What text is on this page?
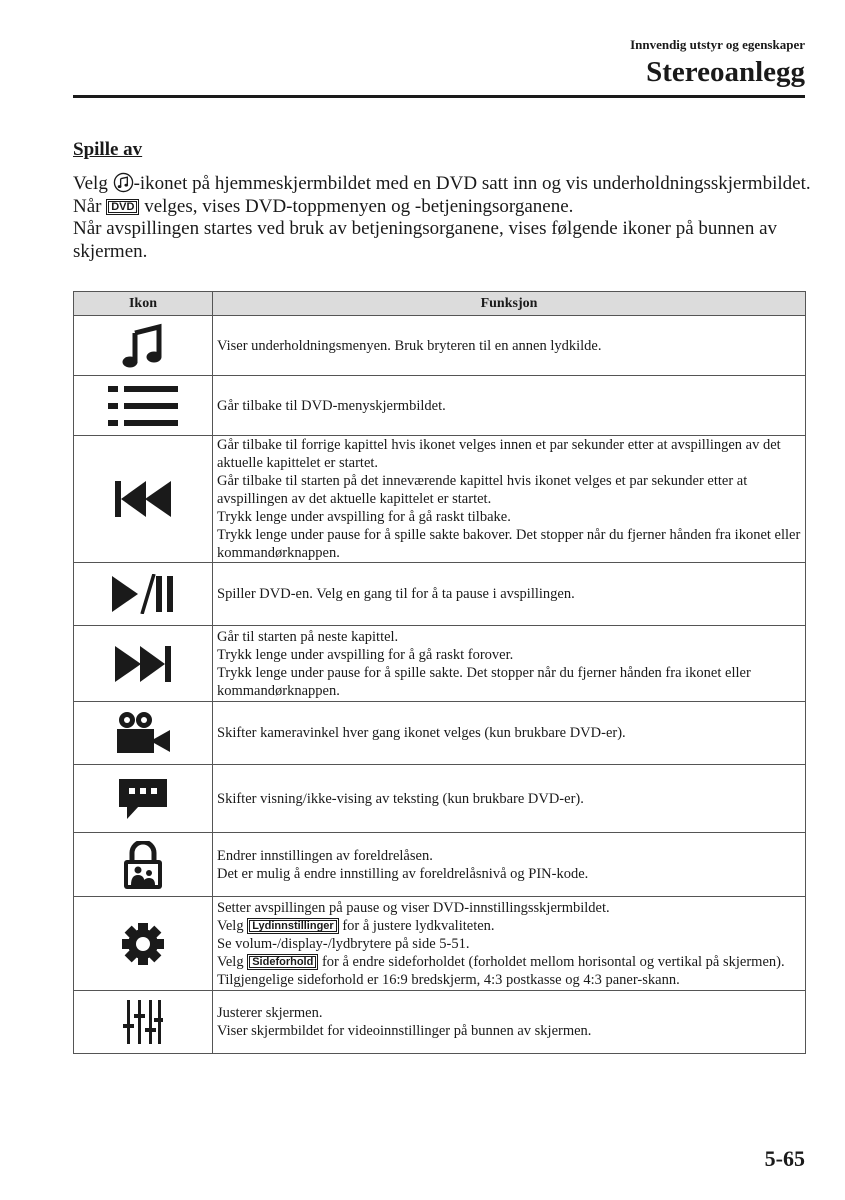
Innvendig utstyr og egenskaper
Stereoanlegg
Spille av

Velg -ikonet på hjemmeskjermbildet med en DVD satt inn og vis underholdningsskjermbildet. Når DVD velges, vises DVD-toppmenyen og -betjeningsorganene.

Når avspillingen startes ved bruk av betjeningsorganene, vises følgende ikoner på bunnen av skjermen.

Ikon	Funksjon

Viser underholdningsmenyen. Bruk bryteren til en annen lydkilde.

Går tilbake til DVD-menyskjermbildet.

Går tilbake til forrige kapittel hvis ikonet velges innen et par sekunder etter at avspillingen av det aktuelle kapittelet er startet.
Går tilbake til starten på det inneværende kapittel hvis ikonet velges et par sekunder etter at avspillingen av det aktuelle kapittelet er startet.
Trykk lenge under avspilling for å gå raskt tilbake.
Trykk lenge under pause for å spille sakte bakover. Det stopper når du fjerner hånden fra ikonet eller kommandørknappen.

Spiller DVD-en. Velg en gang til for å ta pause i avspillingen.

Går til starten på neste kapittel.
Trykk lenge under avspilling for å gå raskt forover.
Trykk lenge under pause for å spille sakte. Det stopper når du fjerner hånden fra ikonet eller kommandørknappen.

Skifter kameravinkel hver gang ikonet velges (kun brukbare DVD-er).

Skifter visning/ikke-vising av teksting (kun brukbare DVD-er).

Endrer innstillingen av foreldrelåsen.
Det er mulig å endre innstilling av foreldrelåsnivå og PIN-kode.

Setter avspillingen på pause og viser DVD-innstillingsskjermbildet.
Velg Lydinnstillinger for å justere lydkvaliteten.
Se volum-/display-/lydbrytere på side 5-51.
Velg Sideforhold for å endre sideforholdet (forholdet mellom horisontal og vertikal på skjermen). Tilgjengelige sideforhold er 16:9 bredskjerm, 4:3 postkasse og 4:3 paner-skann.

Justerer skjermen.
Viser skjermbildet for videoinnstillinger på bunnen av skjermen.
5-65
